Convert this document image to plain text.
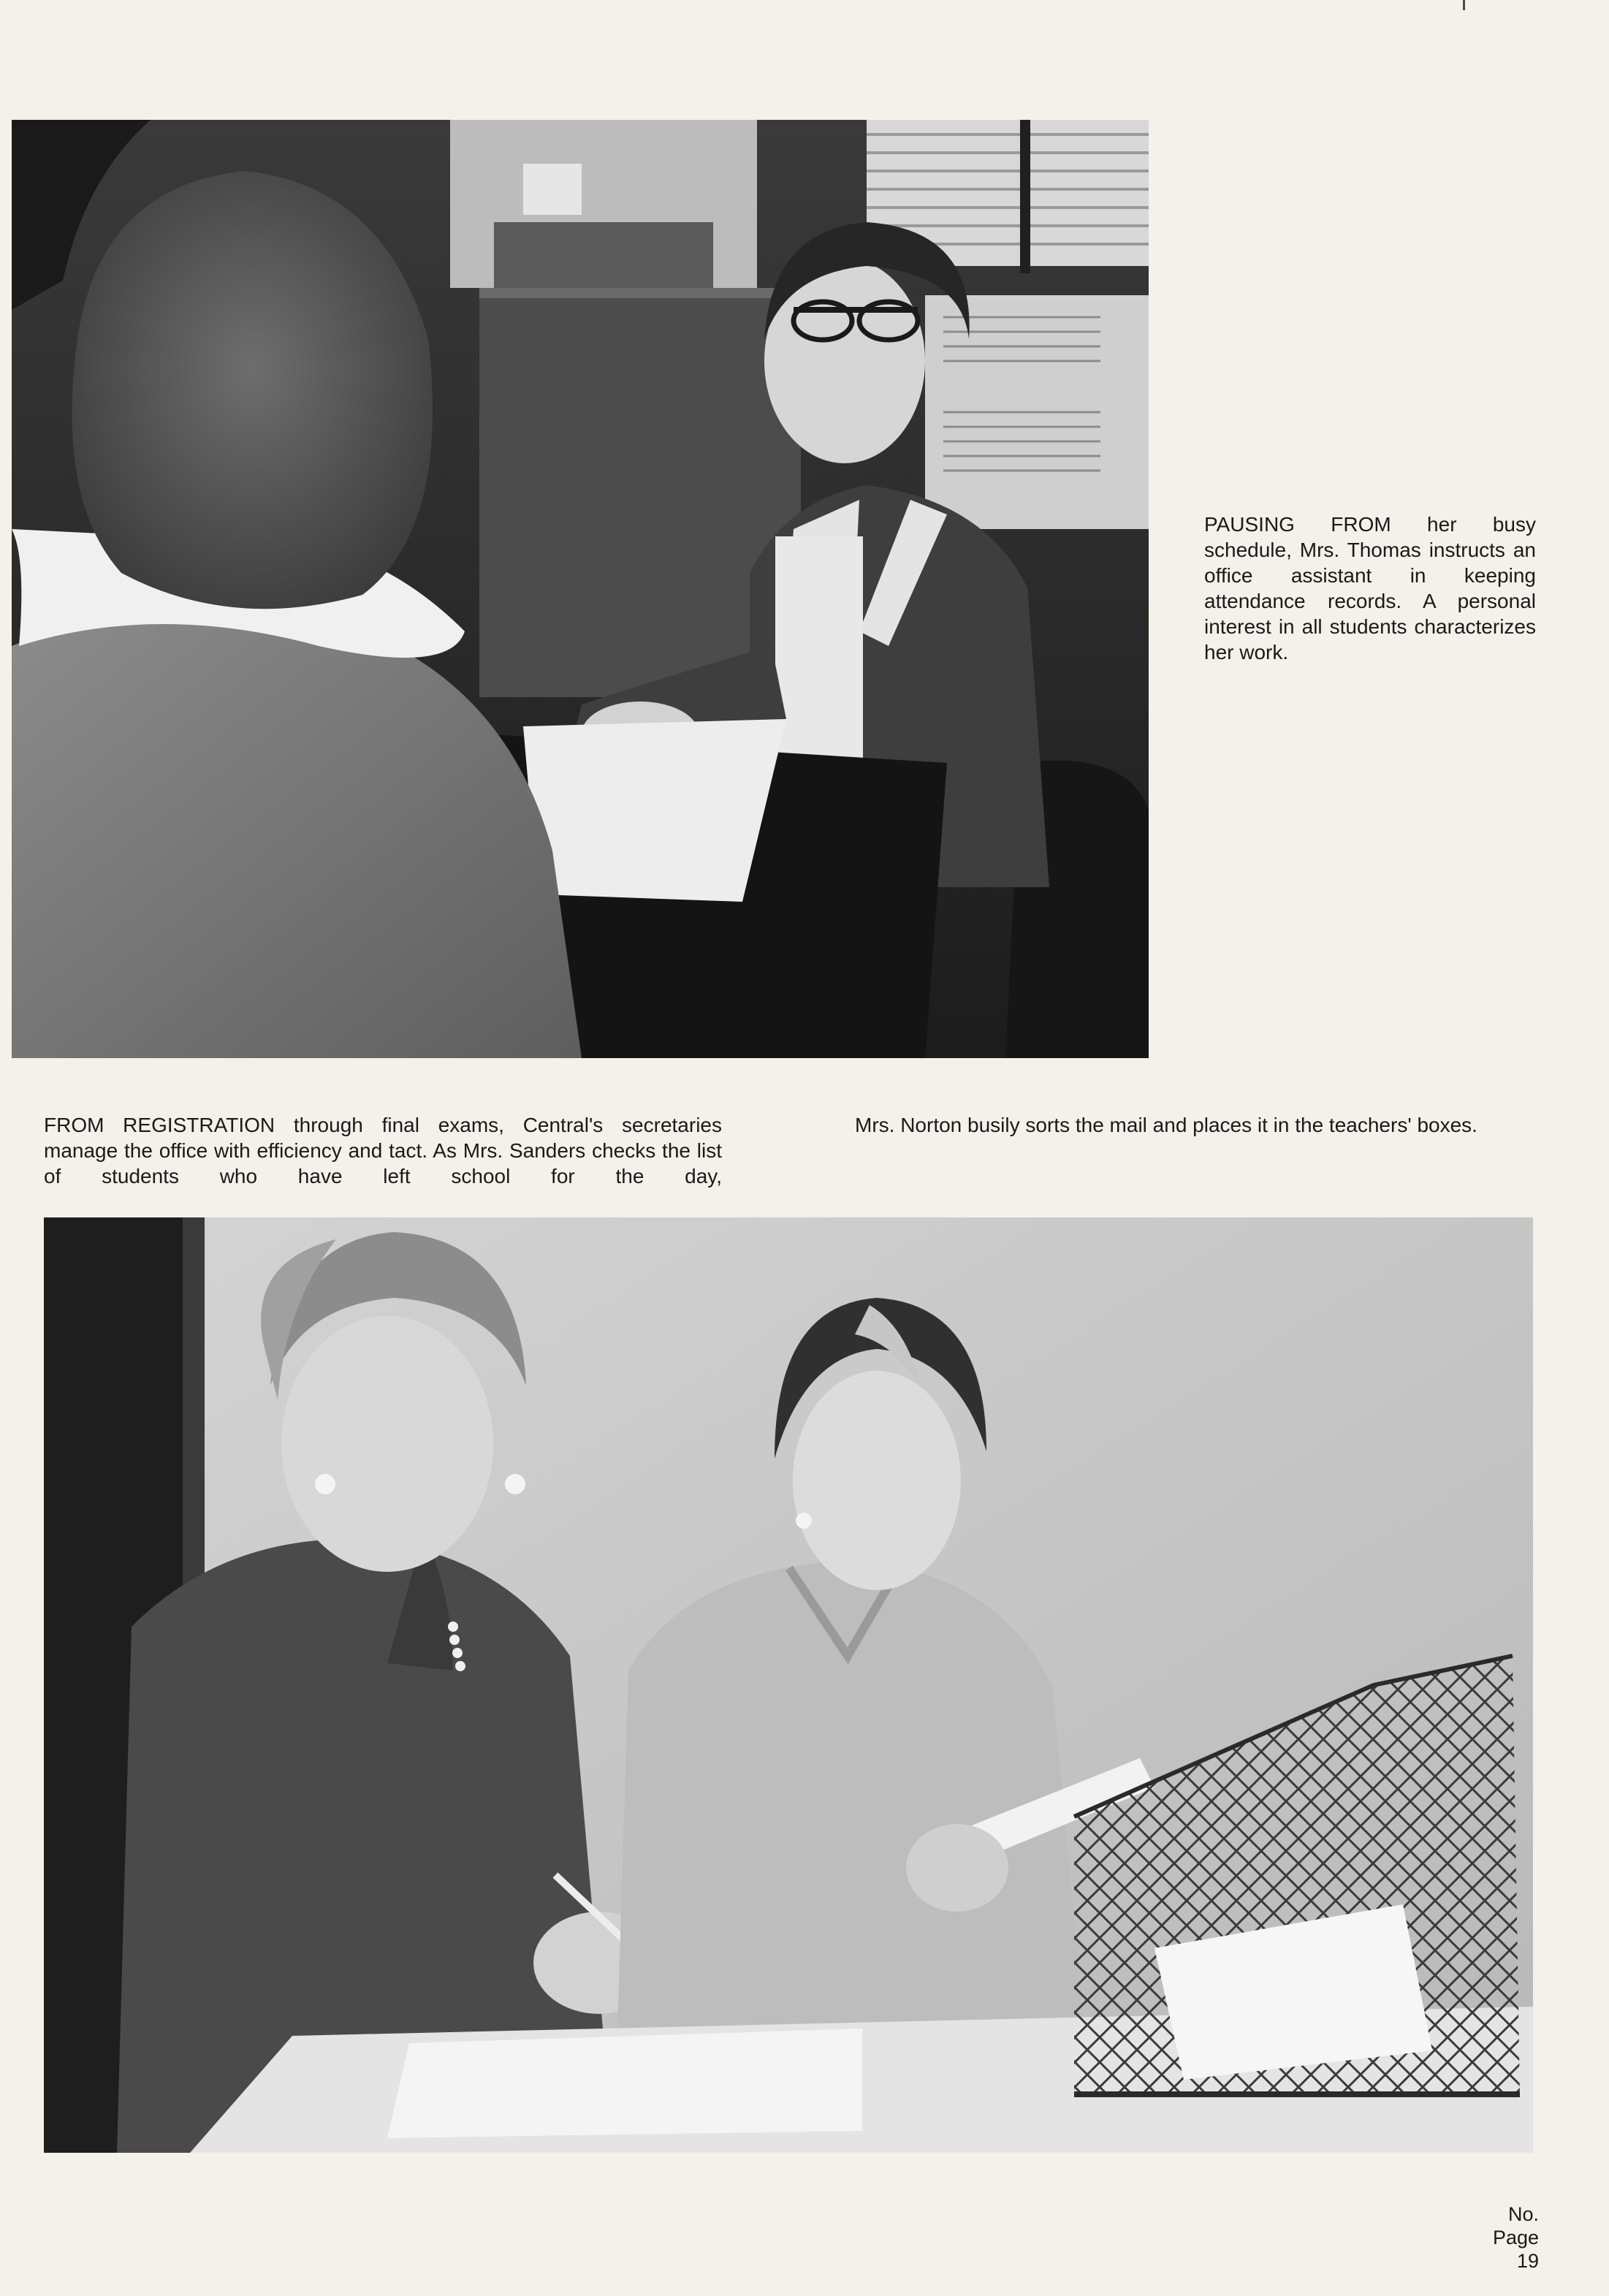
PAUSING FROM her busy schedule, Mrs. Thomas instructs an office assistant in keeping attendance records. A personal interest in all students characterizes her work.

FROM REGISTRATION through final exams, Central's secretaries manage the office with efficiency and tact. As Mrs. Sanders checks the list of students who have left school for the day,

Mrs. Norton busily sorts the mail and places it in the teachers' boxes.

No.
Page
19
